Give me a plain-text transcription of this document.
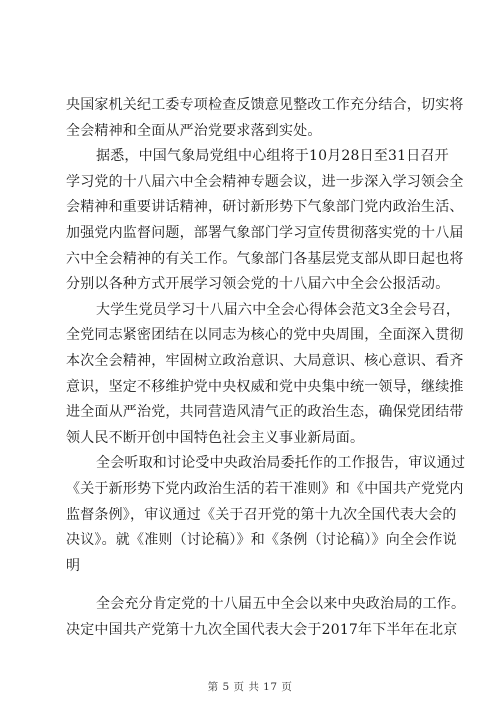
央国家机关纪工委专项检查反馈意见整改工作充分结合，切实将
全会精神和全面从严治党要求落到实处。
据悉，中国气象局党组中心组将于10月28日至31日召开
学习党的十八届六中全会精神专题会议，进一步深入学习领会全
会精神和重要讲话精神，研讨新形势下气象部门党内政治生活、
加强党内监督问题，部署气象部门学习宣传贯彻落实党的十八届
六中全会精神的有关工作。气象部门各基层党支部从即日起也将
分别以各种方式开展学习领会党的十八届六中全会公报活动。
大学生党员学习十八届六中全会心得体会范文3全会号召，
全党同志紧密团结在以同志为核心的党中央周围，全面深入贯彻
本次全会精神，牢固树立政治意识、大局意识、核心意识、看齐
意识，坚定不移维护党中央权威和党中央集中统一领导，继续推
进全面从严治党，共同营造风清气正的政治生态，确保党团结带
领人民不断开创中国特色社会主义事业新局面。
全会听取和讨论受中央政治局委托作的工作报告，审议通过
《关于新形势下党内政治生活的若干准则》和《中国共产党党内
监督条例》，审议通过《关于召开党的第十九次全国代表大会的
决议》。就《准则（讨论稿）》和《条例（讨论稿）》向全会作说
明
全会充分肯定党的十八届五中全会以来中央政治局的工作。
决定中国共产党第十九次全国代表大会于2017年下半年在北京
第 5 页 共 17 页
